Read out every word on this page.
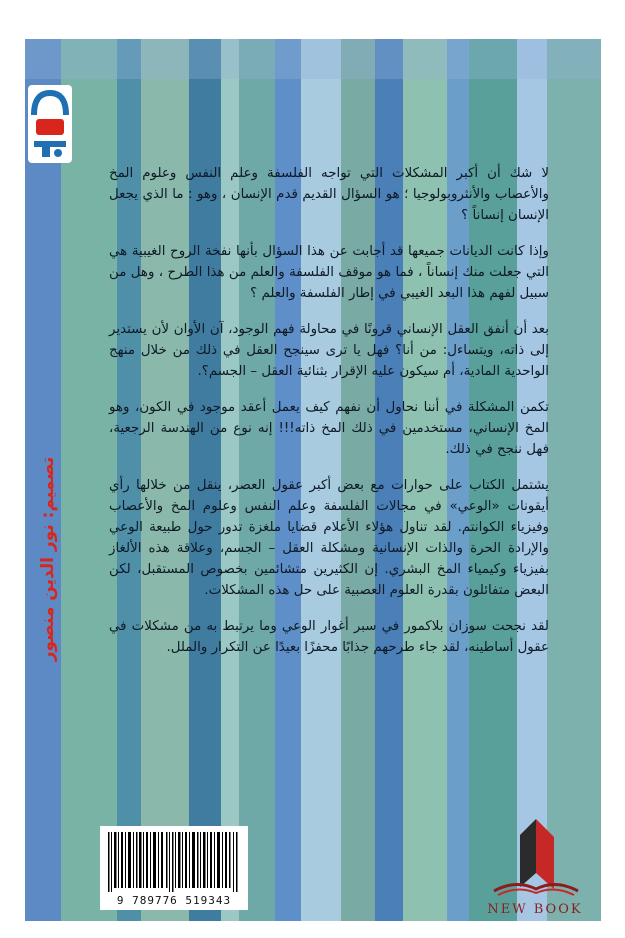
تصميم: نور الدين منصور

لا شك أن أكبر المشكلات التي تواجه الفلسفة وعلم النفس وعلوم المخ والأعصاب والأنثروبولوجيا ؛ هو السؤال القديم قدم الإنسان ، وهو : ما الذي يجعل الإنسان إنساناً ؟

وإذا كانت الديانات جميعها قد أجابت عن هذا السؤال بأنها نفخة الروح الغيبية هي التي جعلت منك إنساناً ، فما هو موقف الفلسفة والعلم من هذا الطرح ، وهل من سبيل لفهم هذا البعد الغيبي في إطار الفلسفة والعلم ؟

بعد أن أنفق العقل الإنساني قرونًا في محاولة فهم الوجود، آن الأوان لأن يستدير إلى ذاته، ويتساءل: من أنا؟ فهل يا ترى سينجح العقل في ذلك من خلال منهج الواحدية المادية، أم سيكون عليه الإقرار بثنائية العقل – الجسم؟.

تكمن المشكلة في أننا نحاول أن نفهم كيف يعمل أعقد موجود في الكون، وهو المخ الإنساني، مستخدمين في ذلك المخ ذاته!!! إنه نوع من الهندسة الرجعية، فهل ننجح في ذلك.

يشتمل الكتاب على حوارات مع بعض أكبر عقول العصر، ينقل من خلالها رأي أيقونات «الوعي» في مجالات الفلسفة وعلم النفس وعلوم المخ والأعصاب وفيزياء الكوانتم. لقد تناول هؤلاء الأعلام قضايا ملغزة تدور حول طبيعة الوعي والإرادة الحرة والذات الإنسانية ومشكلة العقل – الجسم، وعلاقة هذه الألغاز بفيزياء وكيمياء المخ البشري. إن الكثيرين متشائمين بخصوص المستقبل، لكن البعض متفائلون بقدرة العلوم العصبية على حل هذه المشكلات.

لقد نجحت سوزان بلاكمور في سبر أغوار الوعي وما يرتبط به من مشكلات في عقول أساطينه، لقد جاء طرحهم جذابًا محفزًا بعيدًا عن التكرار والملل.

9 789776 519343
NEW BOOK
